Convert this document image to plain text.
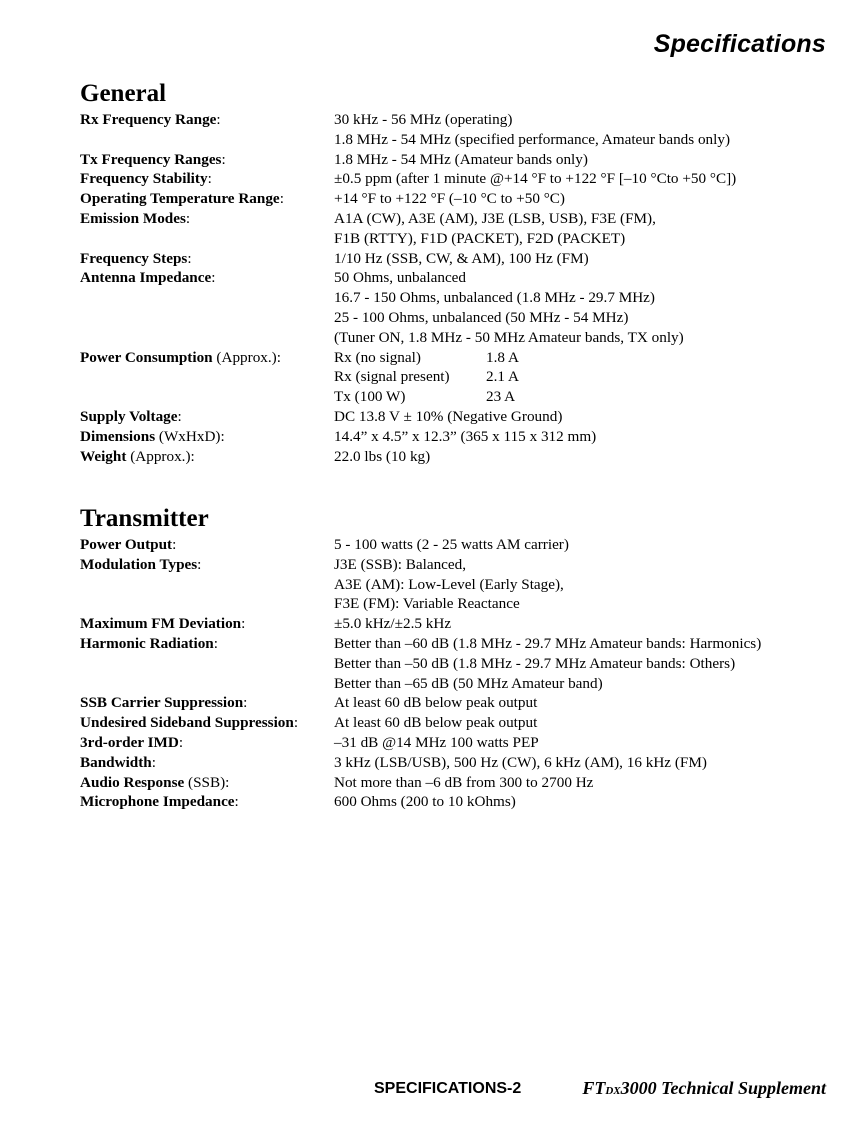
Specifications
General
Rx Frequency Range:	30 kHz - 56 MHz (operating)
1.8 MHz - 54 MHz (specified performance, Amateur bands only)
Tx Frequency Ranges:	1.8 MHz - 54 MHz (Amateur bands only)
Frequency Stability:	±0.5 ppm (after 1 minute @+14 °F to +122 °F [–10 °Cto +50 °C])
Operating Temperature Range:	+14 °F to +122 °F (–10 °C to +50 °C)
Emission Modes:	A1A (CW), A3E (AM), J3E (LSB, USB), F3E (FM),
F1B (RTTY), F1D (PACKET), F2D (PACKET)
Frequency Steps:	1/10 Hz (SSB, CW, & AM), 100 Hz (FM)
Antenna Impedance:	50 Ohms, unbalanced
16.7 - 150 Ohms, unbalanced (1.8 MHz - 29.7 MHz)
25 - 100 Ohms, unbalanced (50 MHz - 54 MHz)
(Tuner ON, 1.8 MHz - 50 MHz Amateur bands, TX only)
Power Consumption (Approx.):	Rx (no signal)	1.8 A
Rx (signal present)	2.1 A
Tx (100 W)	23 A
Supply Voltage:	DC 13.8 V ± 10% (Negative Ground)
Dimensions (WxHxD):	14.4” x 4.5” x 12.3” (365 x 115 x 312 mm)
Weight (Approx.):	22.0 lbs (10 kg)
Transmitter
Power Output:	5 - 100 watts (2 - 25 watts AM carrier)
Modulation Types:	J3E (SSB): Balanced,
A3E (AM): Low-Level (Early Stage),
F3E (FM): Variable Reactance
Maximum FM Deviation:	±5.0 kHz/±2.5 kHz
Harmonic Radiation:	Better than –60 dB (1.8 MHz - 29.7 MHz Amateur bands: Harmonics)
Better than –50 dB (1.8 MHz - 29.7 MHz Amateur bands: Others)
Better than –65 dB (50 MHz Amateur band)
SSB Carrier Suppression:	At least 60 dB below peak output
Undesired Sideband Suppression:	At least 60 dB below peak output
3rd-order IMD:	–31 dB @14 MHz 100 watts PEP
Bandwidth:	3 kHz (LSB/USB), 500 Hz (CW), 6 kHz (AM), 16 kHz (FM)
Audio Response (SSB):	Not more than –6 dB from 300 to 2700 Hz
Microphone Impedance:	600 Ohms (200 to 10 kOhms)
SPECIFICATIONS-2	FTDX3000 Technical Supplement
